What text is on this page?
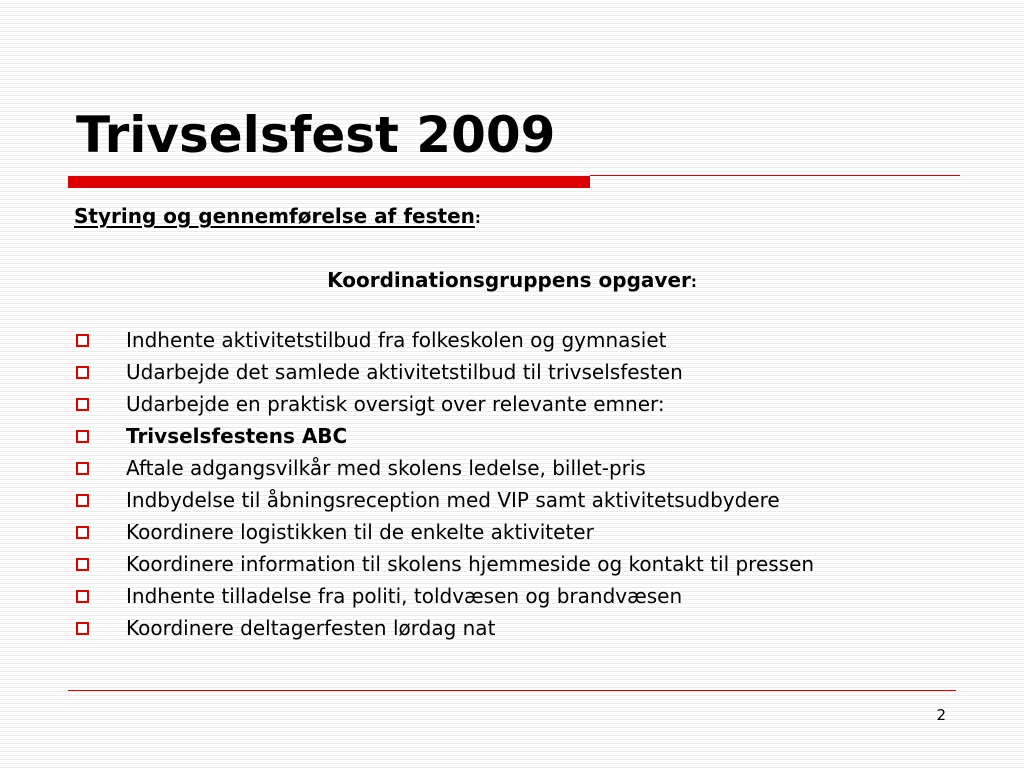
Trivselsfest 2009

Styring og gennemførelse af festen:

Koordinationsgruppens opgaver:

Indhente aktivitetstilbud fra folkeskolen og gymnasiet
Udarbejde det samlede aktivitetstilbud til trivselsfesten
Udarbejde en praktisk oversigt over relevante emner:
Trivselsfestens ABC
Aftale adgangsvilkår med skolens ledelse, billet-pris
Indbydelse til åbningsreception med VIP samt aktivitetsudbydere
Koordinere logistikken til de enkelte aktiviteter
Koordinere information til skolens hjemmeside og kontakt til pressen
Indhente tilladelse fra politi, toldvæsen og brandvæsen
Koordinere deltagerfesten lørdag nat
2
